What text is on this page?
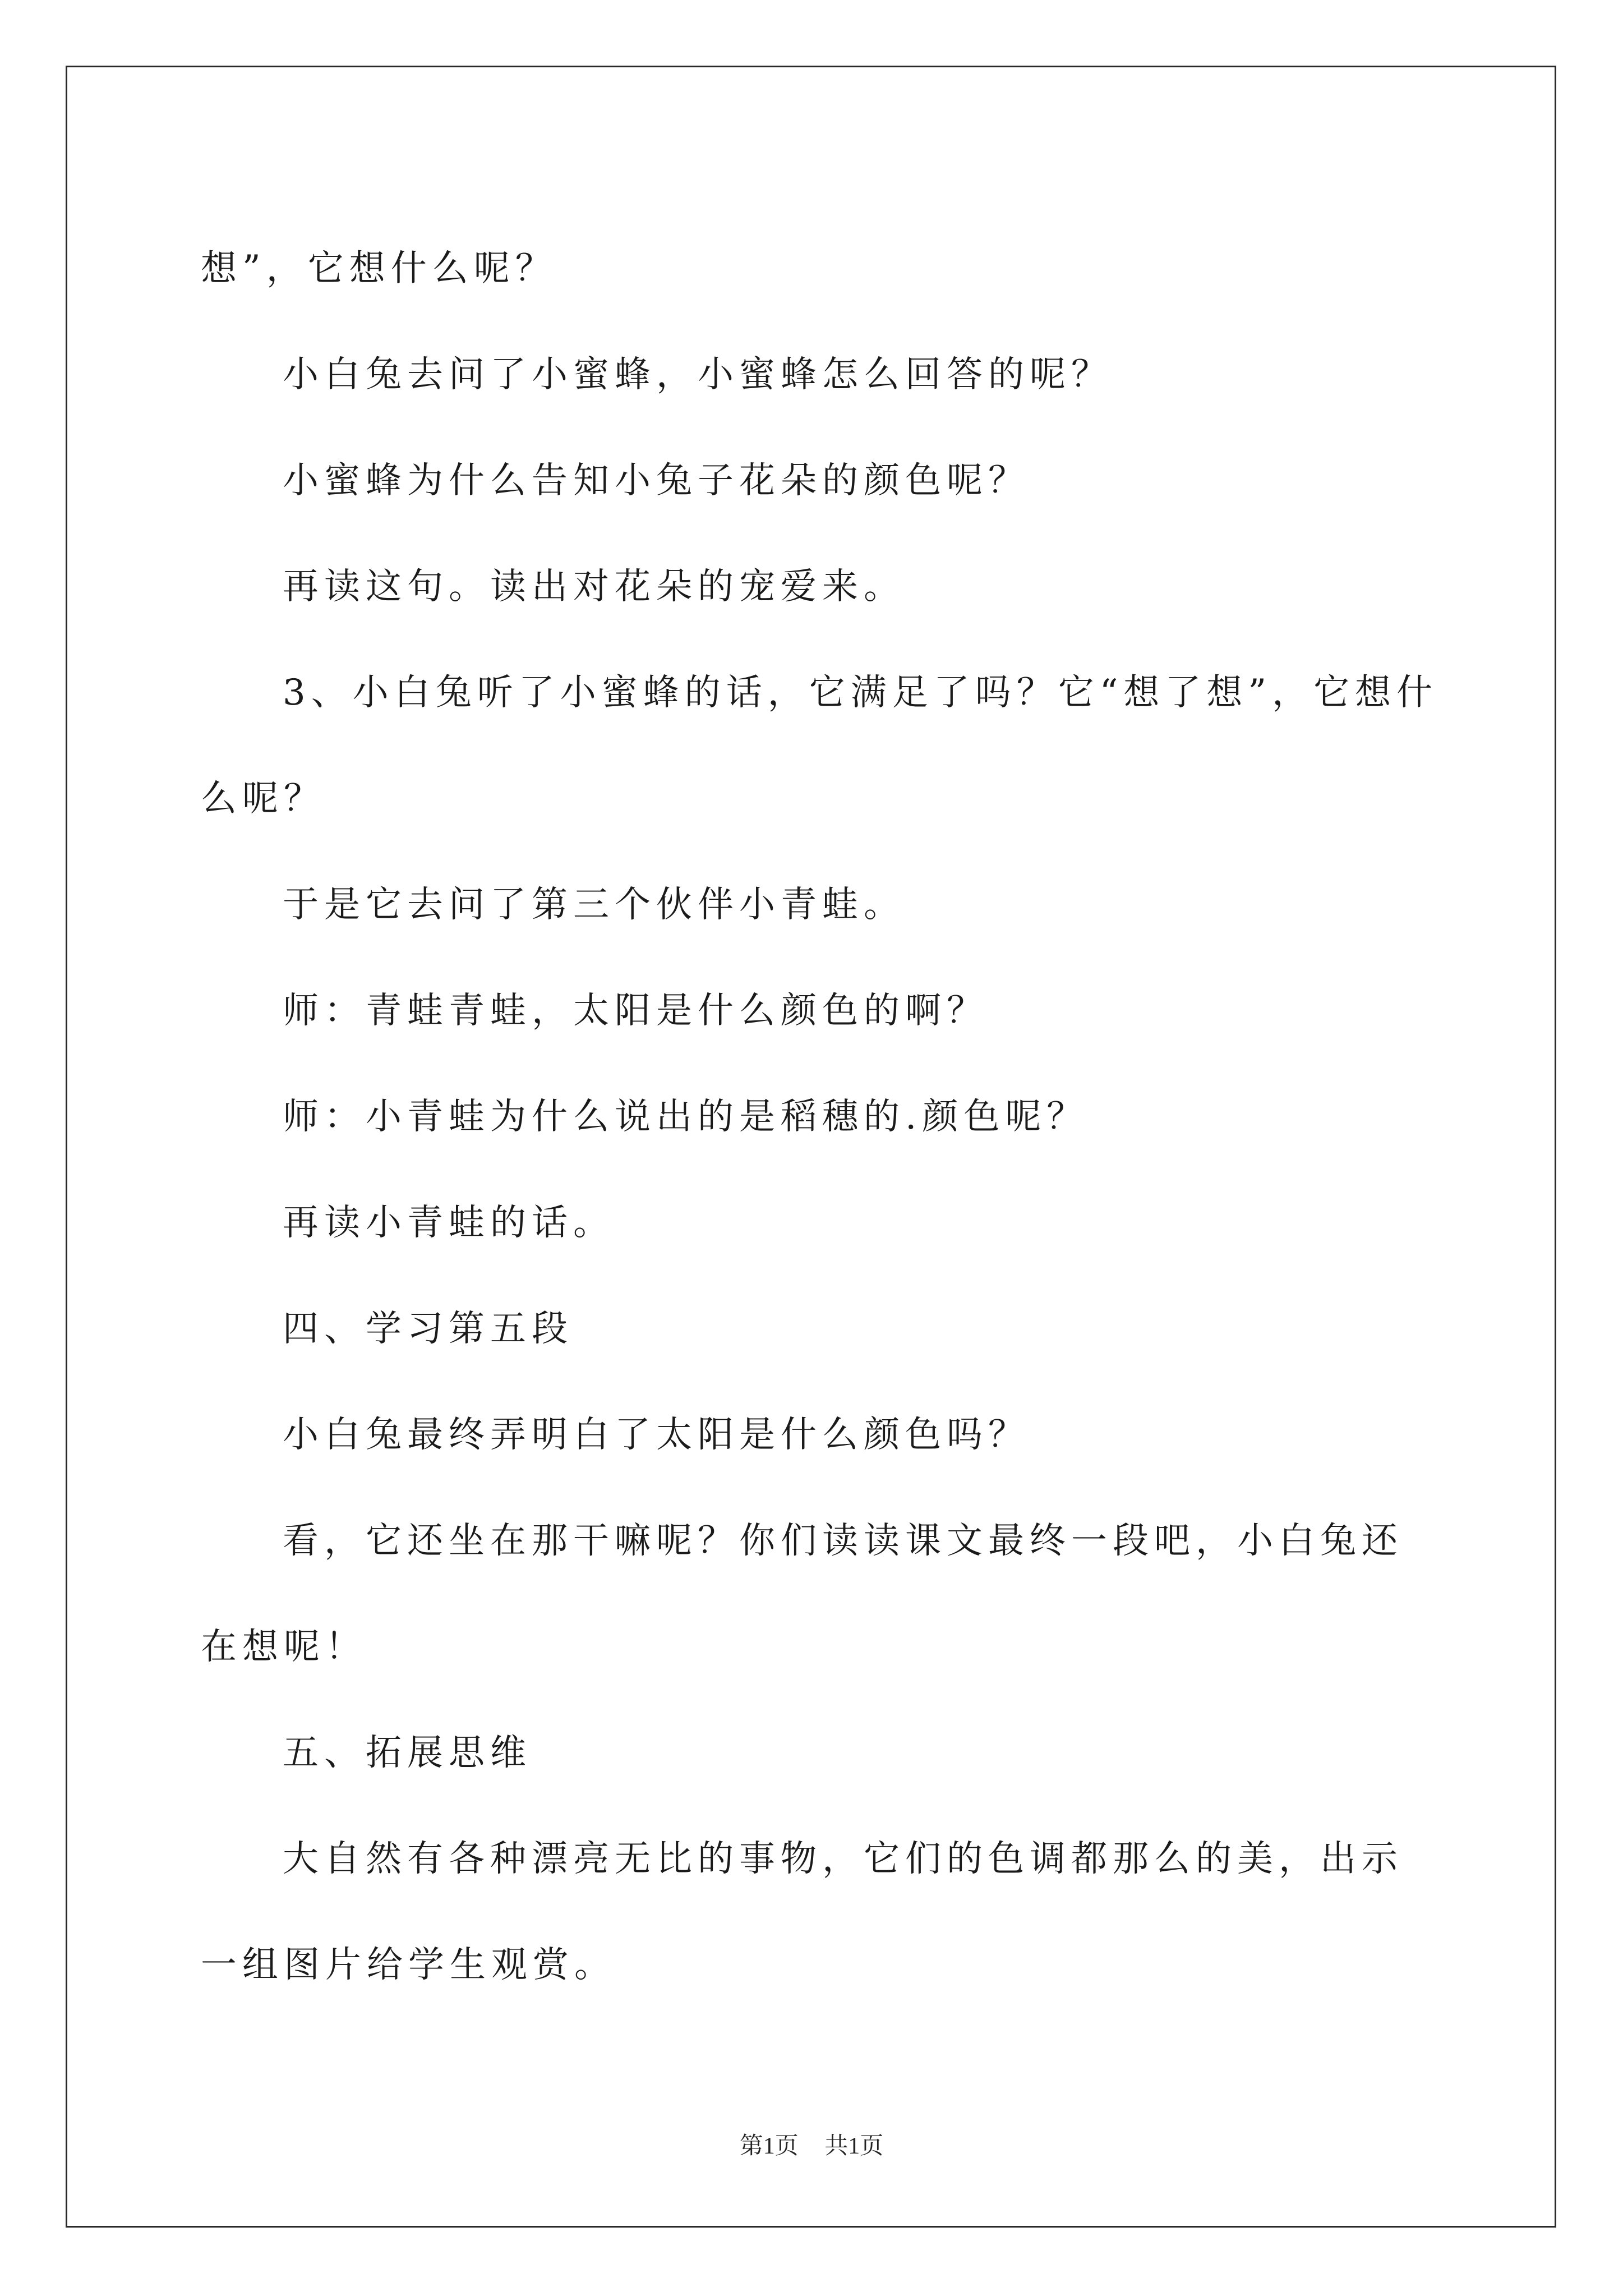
想”，它想什么呢？

小白兔去问了小蜜蜂，小蜜蜂怎么回答的呢？

小蜜蜂为什么告知小兔子花朵的颜色呢？

再读这句。读出对花朵的宠爱来。

3、小白兔听了小蜜蜂的话，它满足了吗？它“想了想”，它想什么呢？

于是它去问了第三个伙伴小青蛙。

师：青蛙青蛙，太阳是什么颜色的啊？

师：小青蛙为什么说出的是稻穗的.颜色呢？

再读小青蛙的话。

四、学习第五段

小白兔最终弄明白了太阳是什么颜色吗？

看，它还坐在那干嘛呢？你们读读课文最终一段吧，小白兔还在想呢！

五、拓展思维

大自然有各种漂亮无比的事物，它们的色调都那么的美，出示一组图片给学生观赏。

第1页 共1页
